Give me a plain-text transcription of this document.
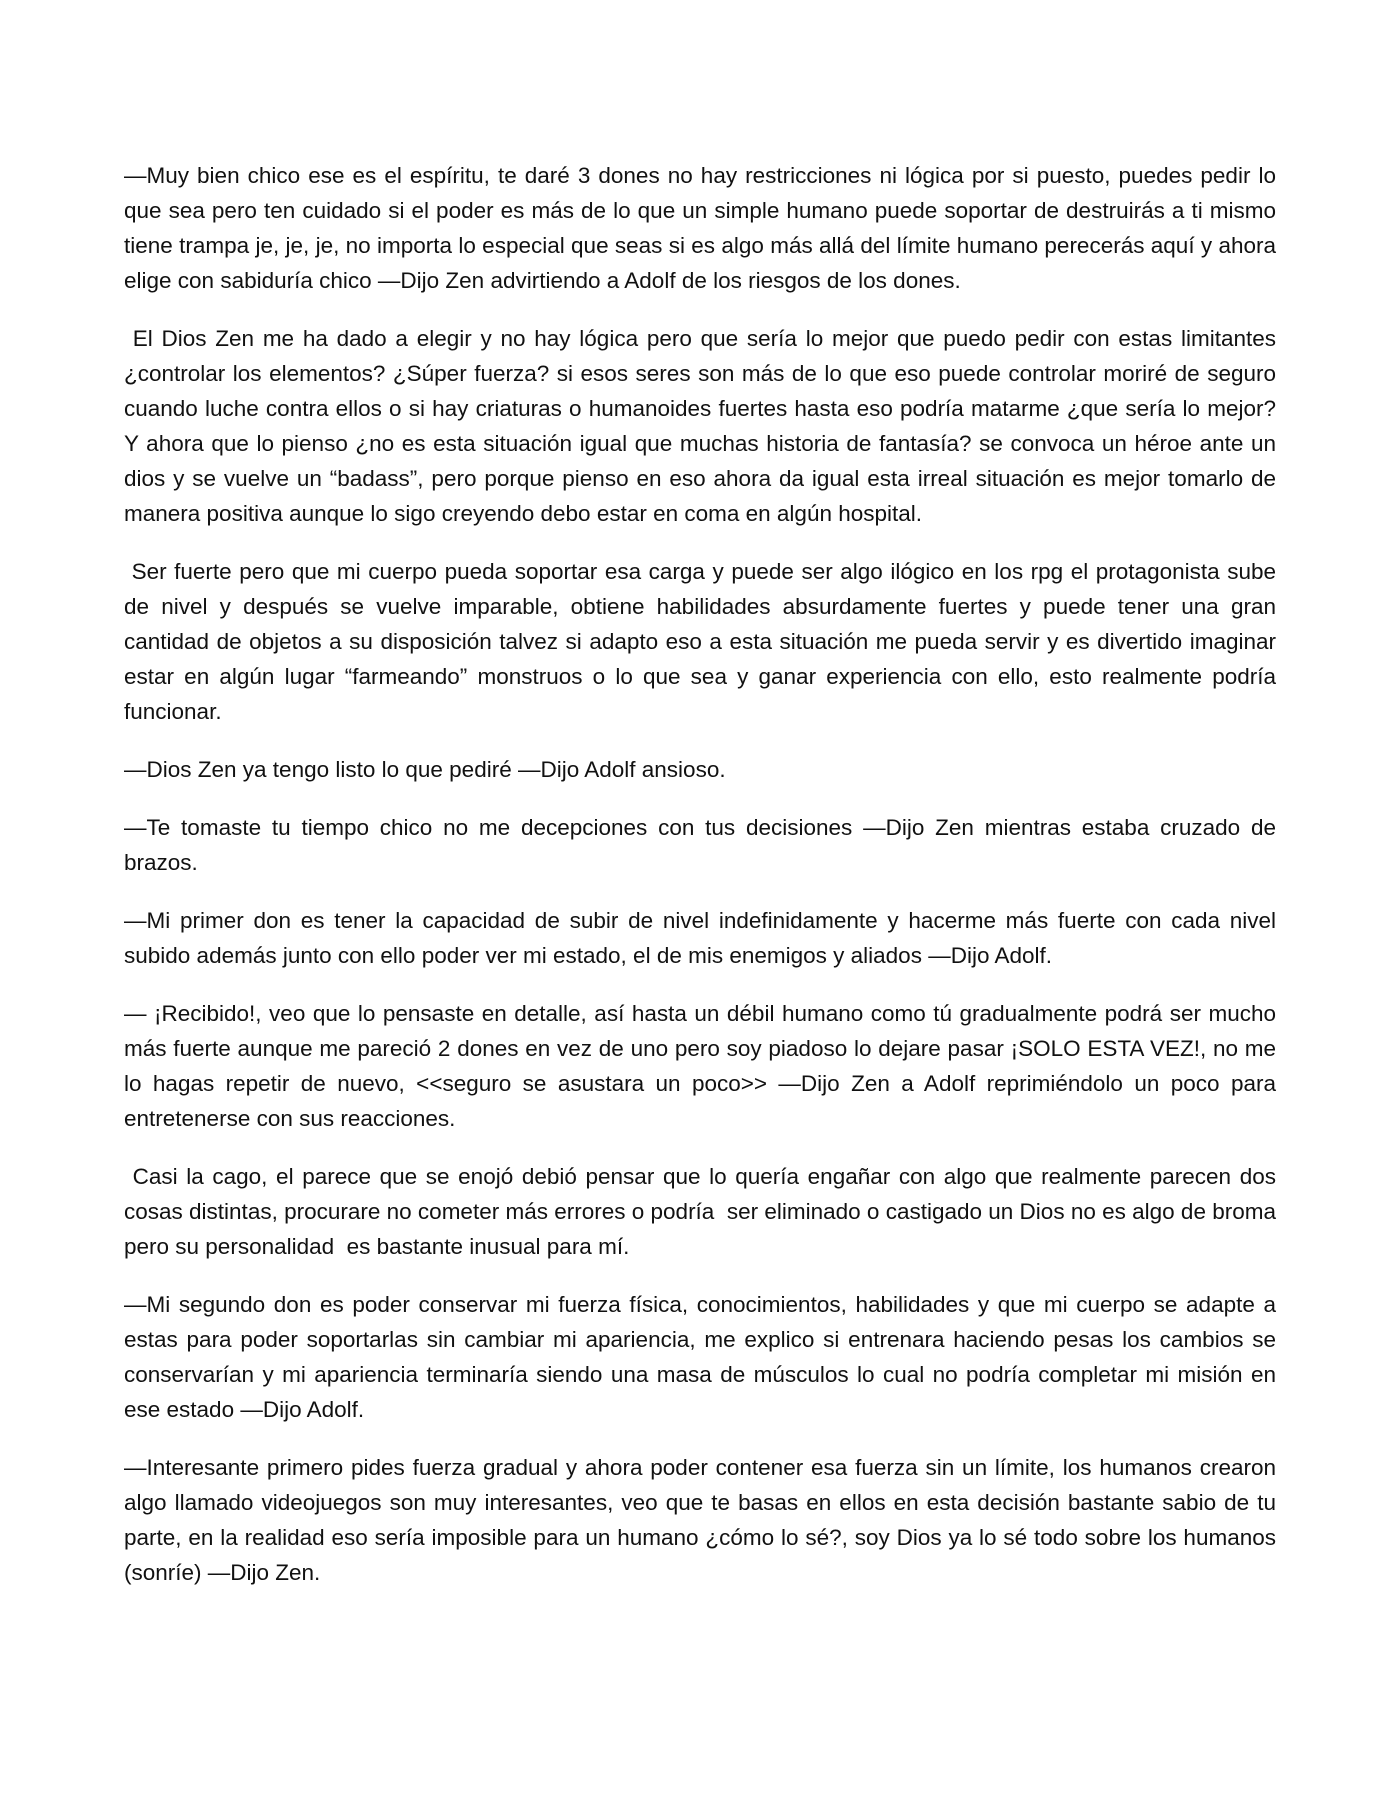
—Muy bien chico ese es el espíritu, te daré 3 dones no hay restricciones ni lógica por si puesto, puedes pedir lo que sea pero ten cuidado si el poder es más de lo que un simple humano puede soportar de destruirás a ti mismo tiene trampa je, je, je, no importa lo especial que seas si es algo más allá del límite humano perecerás aquí y ahora elige con sabiduría chico —Dijo Zen advirtiendo a Adolf de los riesgos de los dones.

El Dios Zen me ha dado a elegir y no hay lógica pero que sería lo mejor que puedo pedir con estas limitantes ¿controlar los elementos? ¿Súper fuerza? si esos seres son más de lo que eso puede controlar moriré de seguro cuando luche contra ellos o si hay criaturas o humanoides fuertes hasta eso podría matarme ¿que sería lo mejor? Y ahora que lo pienso ¿no es esta situación igual que muchas historia de fantasía? se convoca un héroe ante un dios y se vuelve un “badass”, pero porque pienso en eso ahora da igual esta irreal situación es mejor tomarlo de manera positiva aunque lo sigo creyendo debo estar en coma en algún hospital.

Ser fuerte pero que mi cuerpo pueda soportar esa carga y puede ser algo ilógico en los rpg el protagonista sube de nivel y después se vuelve imparable, obtiene habilidades absurdamente fuertes y puede tener una gran cantidad de objetos a su disposición talvez si adapto eso a esta situación me pueda servir y es divertido imaginar estar en algún lugar “farmeando” monstruos o lo que sea y ganar experiencia con ello, esto realmente podría funcionar.

—Dios Zen ya tengo listo lo que pediré —Dijo Adolf ansioso.

—Te tomaste tu tiempo chico no me decepciones con tus decisiones —Dijo Zen mientras estaba cruzado de brazos.

—Mi primer don es tener la capacidad de subir de nivel indefinidamente y hacerme más fuerte con cada nivel subido además junto con ello poder ver mi estado, el de mis enemigos y aliados —Dijo Adolf.

— ¡Recibido!, veo que lo pensaste en detalle, así hasta un débil humano como tú gradualmente podrá ser mucho más fuerte aunque me pareció 2 dones en vez de uno pero soy piadoso lo dejare pasar ¡SOLO ESTA VEZ!, no me lo hagas repetir de nuevo, <<seguro se asustara un poco>> —Dijo Zen a Adolf reprimiéndolo un poco para entretenerse con sus reacciones.

Casi la cago, el parece que se enojó debió pensar que lo quería engañar con algo que realmente parecen dos cosas distintas, procurare no cometer más errores o podría  ser eliminado o castigado un Dios no es algo de broma pero su personalidad  es bastante inusual para mí.

—Mi segundo don es poder conservar mi fuerza física, conocimientos, habilidades y que mi cuerpo se adapte a estas para poder soportarlas sin cambiar mi apariencia, me explico si entrenara haciendo pesas los cambios se conservarían y mi apariencia terminaría siendo una masa de músculos lo cual no podría completar mi misión en ese estado —Dijo Adolf.

—Interesante primero pides fuerza gradual y ahora poder contener esa fuerza sin un límite, los humanos crearon algo llamado videojuegos son muy interesantes, veo que te basas en ellos en esta decisión bastante sabio de tu parte, en la realidad eso sería imposible para un humano ¿cómo lo sé?, soy Dios ya lo sé todo sobre los humanos (sonríe) —Dijo Zen.
